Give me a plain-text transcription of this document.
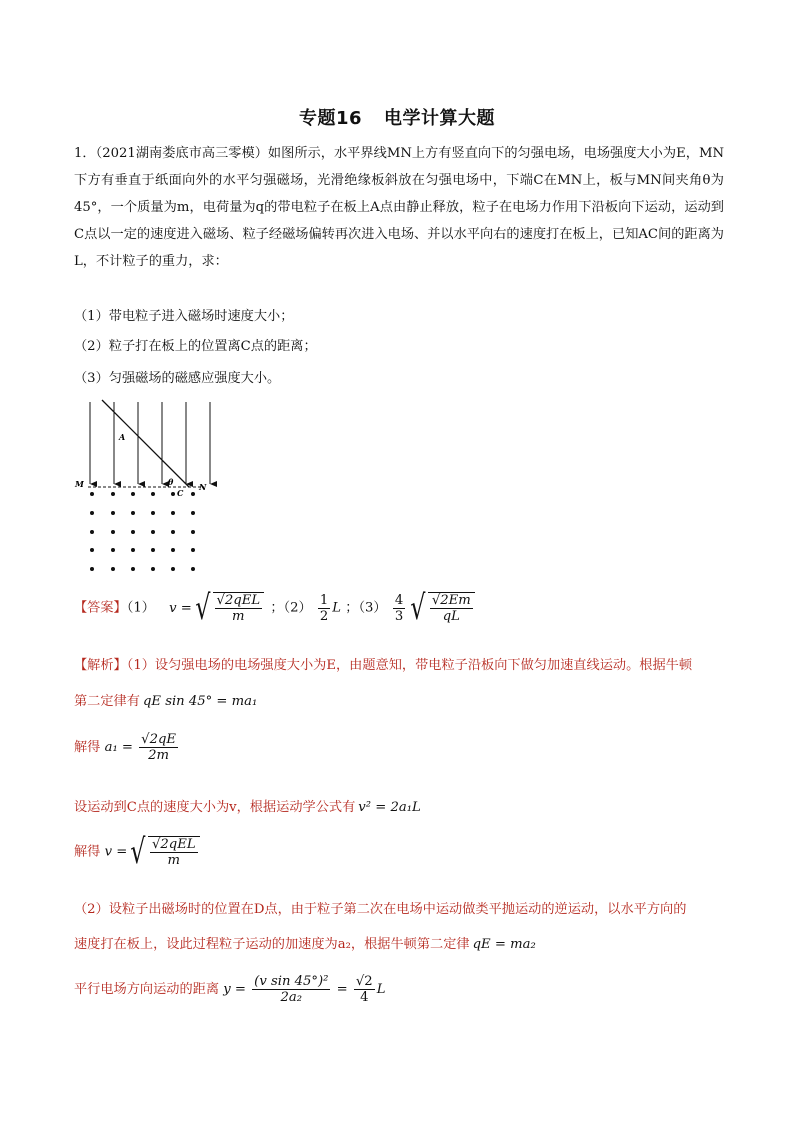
专题16 电学计算大题
1．（2021湖南娄底市高三零模）如图所示，水平界线MN上方有竖直向下的匀强电场，电场强度大小为E，MN下方有垂直于纸面向外的水平匀强磁场，光滑绝缘板斜放在匀强电场中，下端C在MN上，板与MN间夹角θ为45°，一个质量为m，电荷量为q的带电粒子在板上A点由静止释放，粒子在电场力作用下沿板向下运动，运动到C点以一定的速度进入磁场、粒子经磁场偏转再次进入电场、并以水平向右的速度打在板上，已知AC间的距离为L，不计粒子的重力，求：
（1）带电粒子进入磁场时速度大小；
（2）粒子打在板上的位置离C点的距离；
（3）匀强磁场的磁感应强度大小。
A
M	N
C
θ
【答案】（1） v =√ $\frac{\text{√2qEL}}{m}$ ；$(2) \frac{1}{2}$ L ；$(3) \frac{4}{3}$ √ $\frac{√2Em}{qL}$
【解析】（1）设匀强电场的电场强度大小为E，由题意知，带电粒子沿板向下做匀加速直线运动。根据牛顿
第二定律有 qE sin 45° = ma₁
解得 $a_1 = \frac{√2qE}{2m}$
设运动到C点的速度大小为v，根据运动学公式有 v² = 2a₁L
解得 v =√ $\frac{\text{√2qEL}}{m}$
（2）设粒子出磁场时的位置在D点，由于粒子第二次在电场中运动做类平抛运动的逆运动，以水平方向的
速度打在板上，设此过程粒子运动的加速度为a₂，根据牛顿第二定律 qE = ma₂
平行电场方向运动的距离 $y = \frac{\text{(v sin 45°)²}}{\text{2a₂}} = \frac{√2}{4}$ L
